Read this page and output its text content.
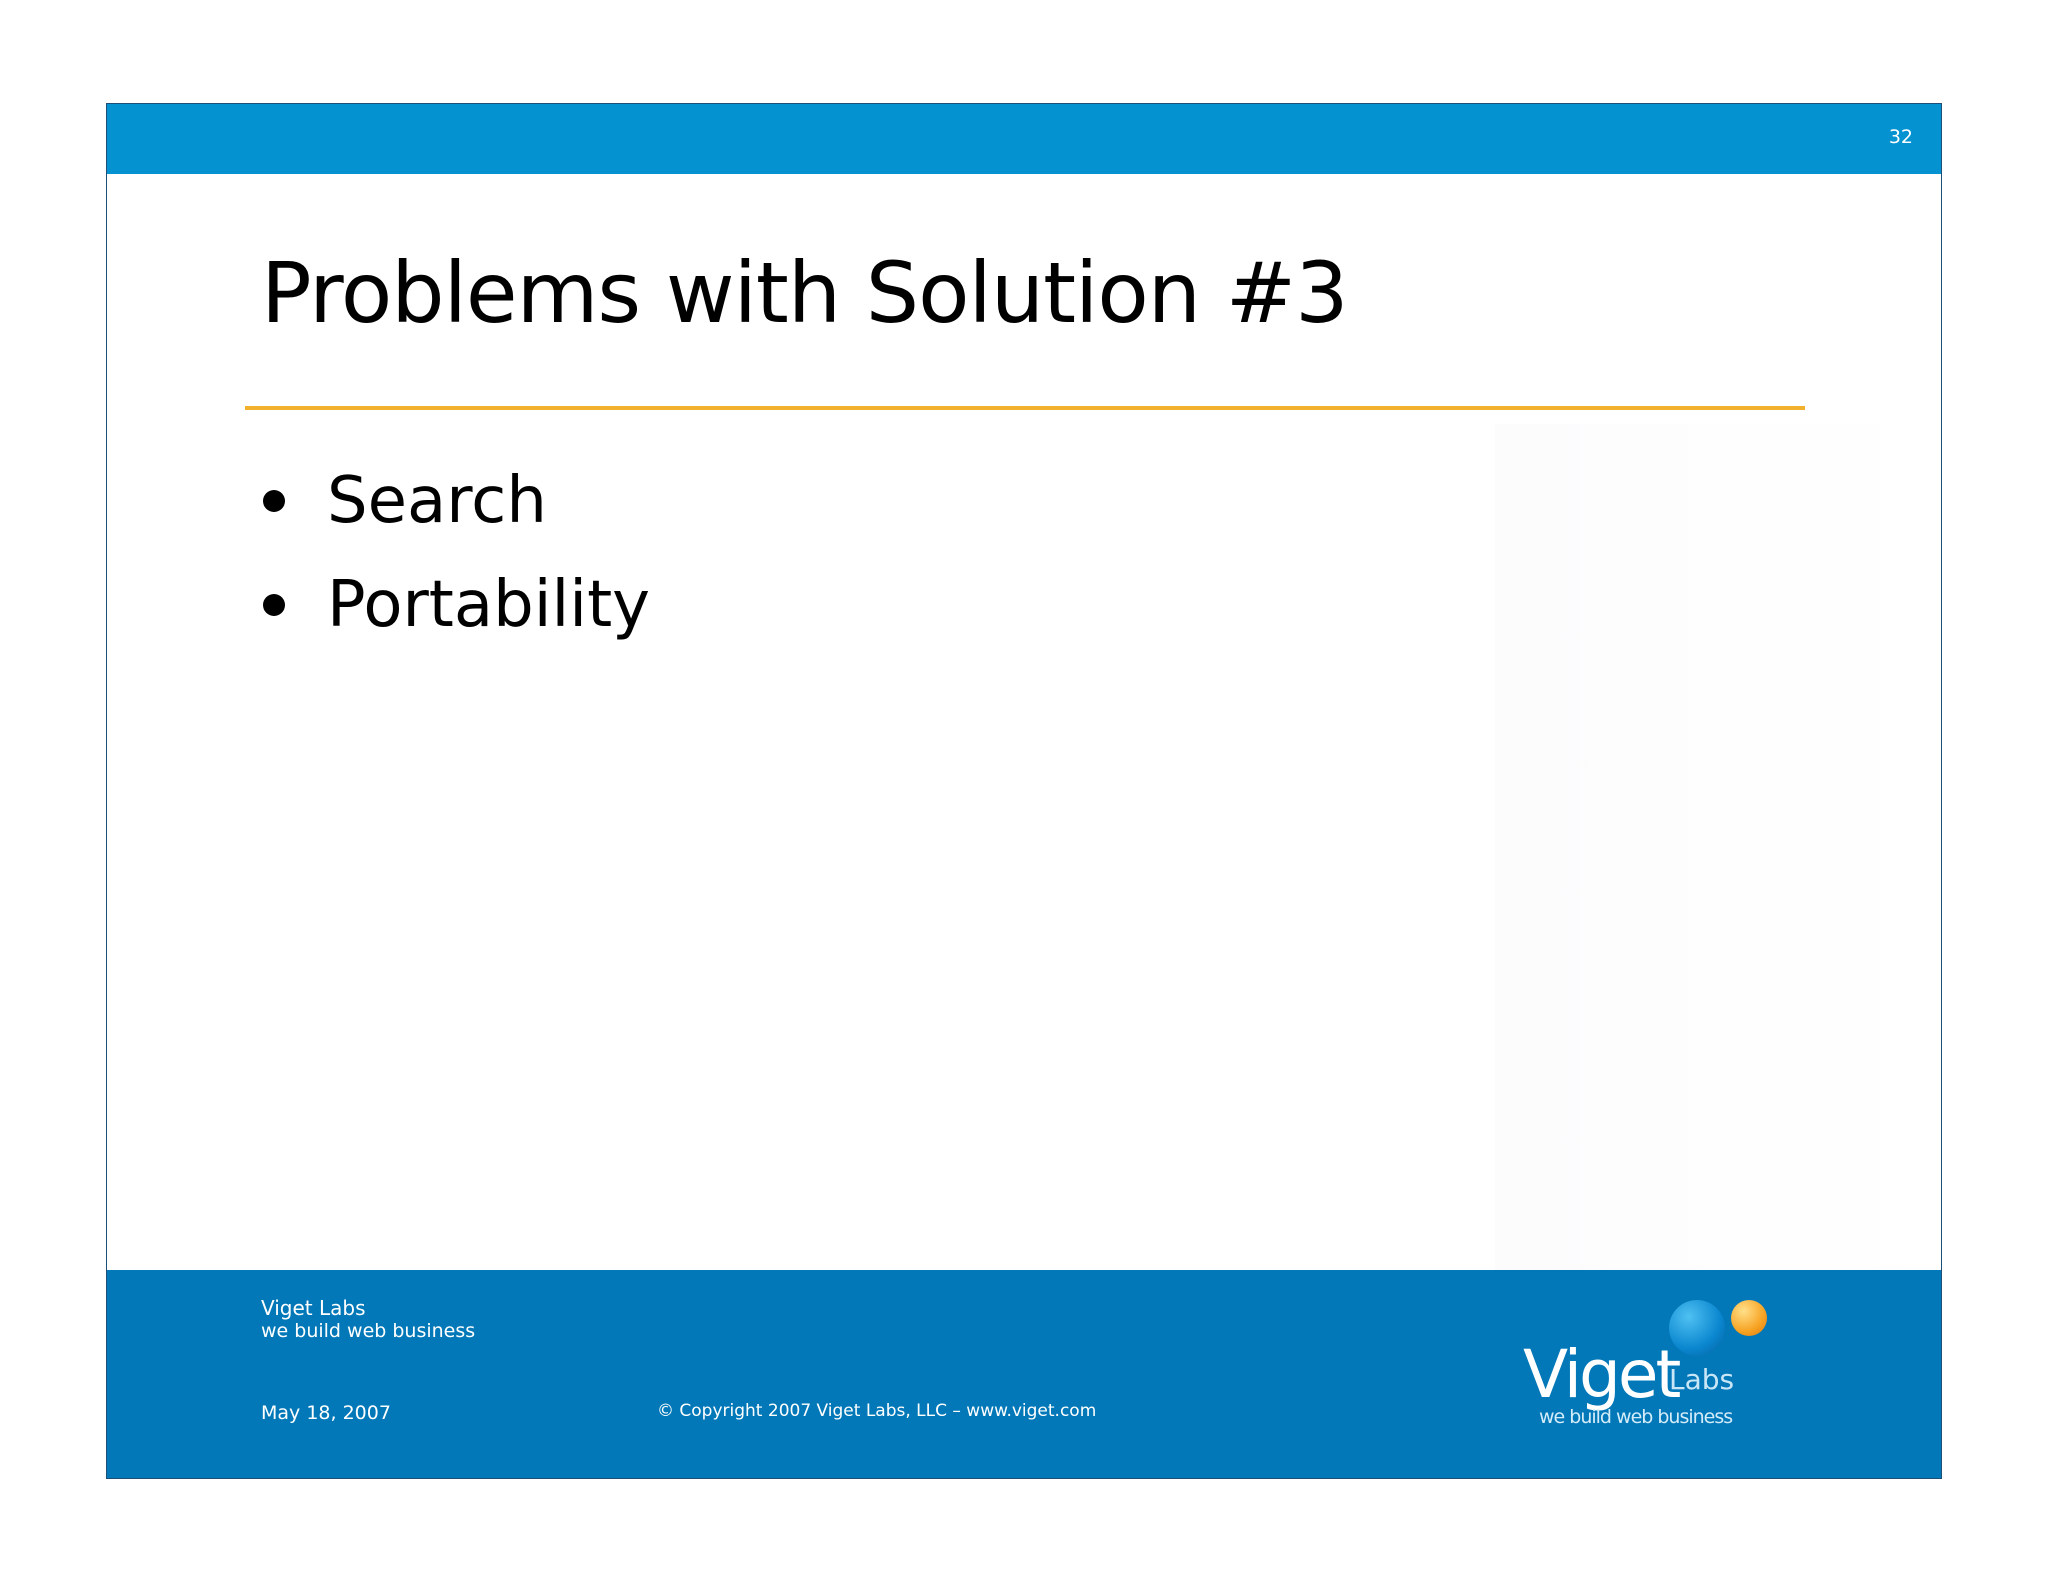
32
Problems with Solution #3
Search
Portability
Viget Labs
we build web business
May 18, 2007	© Copyright 2007 Viget Labs, LLC – www.viget.com	Viget
Labs
we build web business
